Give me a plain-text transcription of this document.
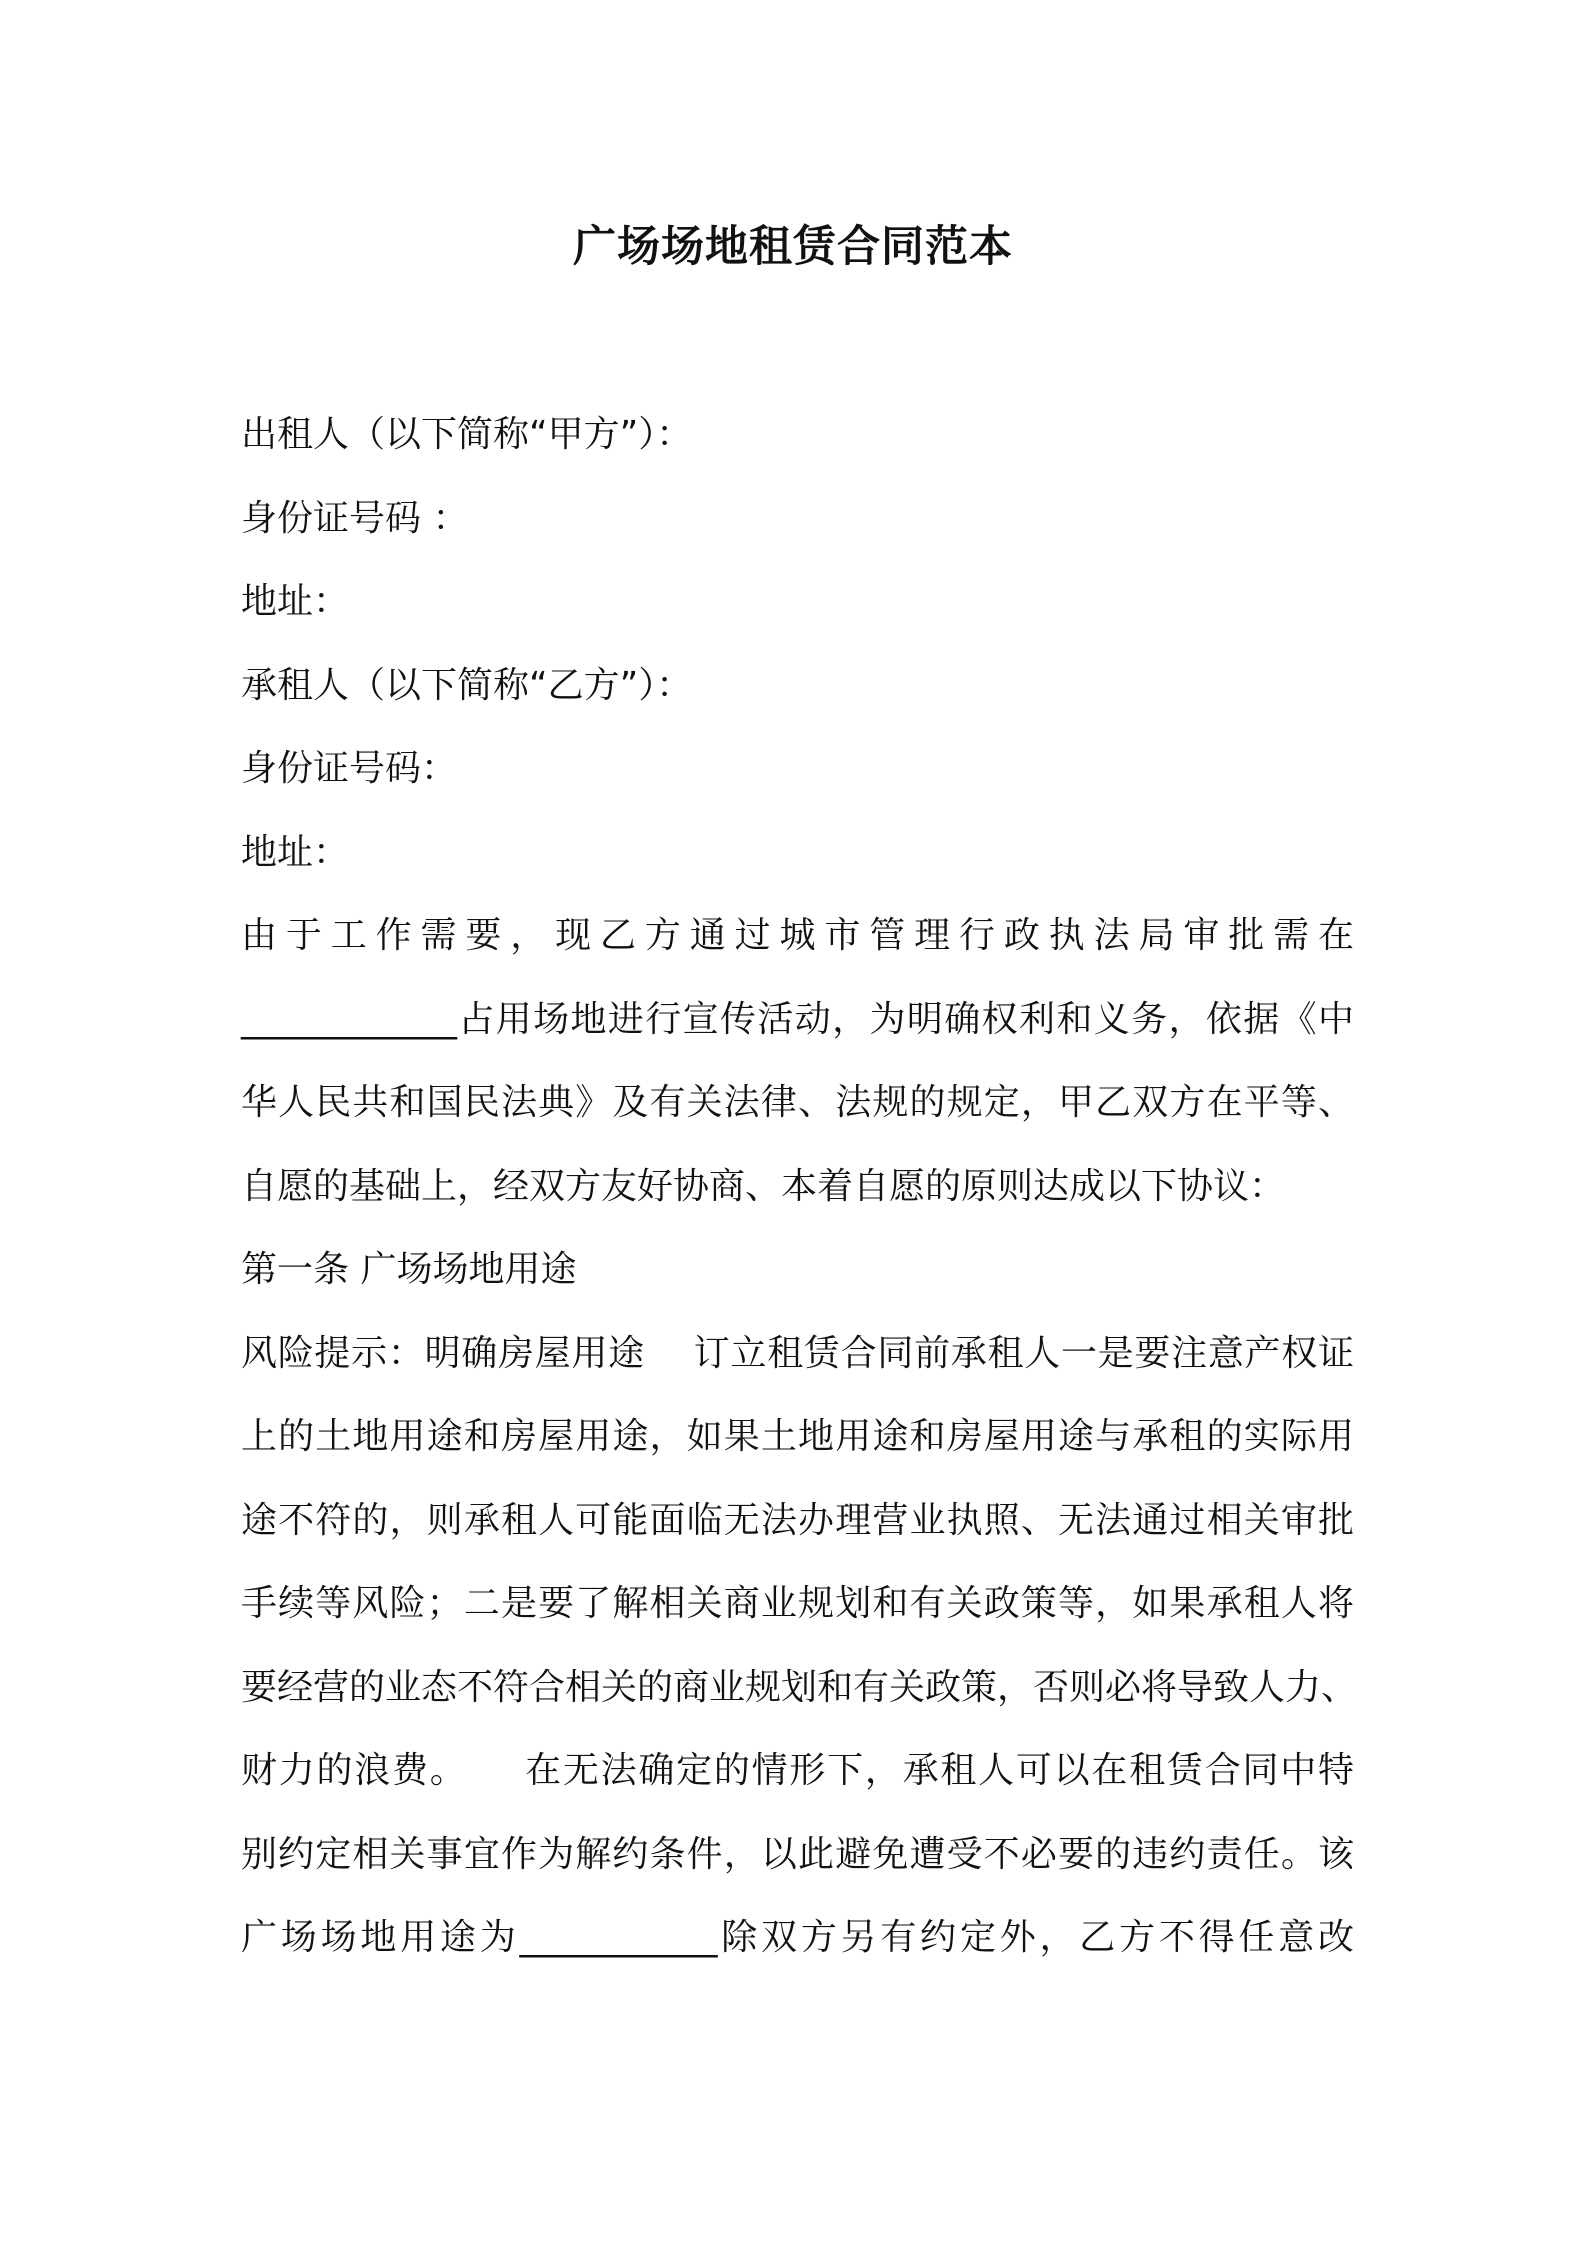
广场场地租赁合同范本
出租人（以下简称“甲方”）：
身份证号码 ：
地址：
承租人（以下简称“乙方”）：
身份证号码：
地址：
由于工作需要，现乙方通过城市管理行政执法局审批需在
____________占用场地进行宣传活动，为明确权利和义务，依据《中
华人民共和国民法典》及有关法律、法规的规定，甲乙双方在平等、
自愿的基础上，经双方友好协商、本着自愿的原则达成以下协议：
第一条 广场场地用途
风险提示：明确房屋用途　 订立租赁合同前承租人一是要注意产权证
上的土地用途和房屋用途，如果土地用途和房屋用途与承租的实际用
途不符的，则承租人可能面临无法办理营业执照、无法通过相关审批
手续等风险；二是要了解相关商业规划和有关政策等，如果承租人将
要经营的业态不符合相关的商业规划和有关政策，否则必将导致人力、
财力的浪费。　　在无法确定的情形下，承租人可以在租赁合同中特
别约定相关事宜作为解约条件，以此避免遭受不必要的违约责任。该
广场场地用途为___________除双方另有约定外，乙方不得任意改
